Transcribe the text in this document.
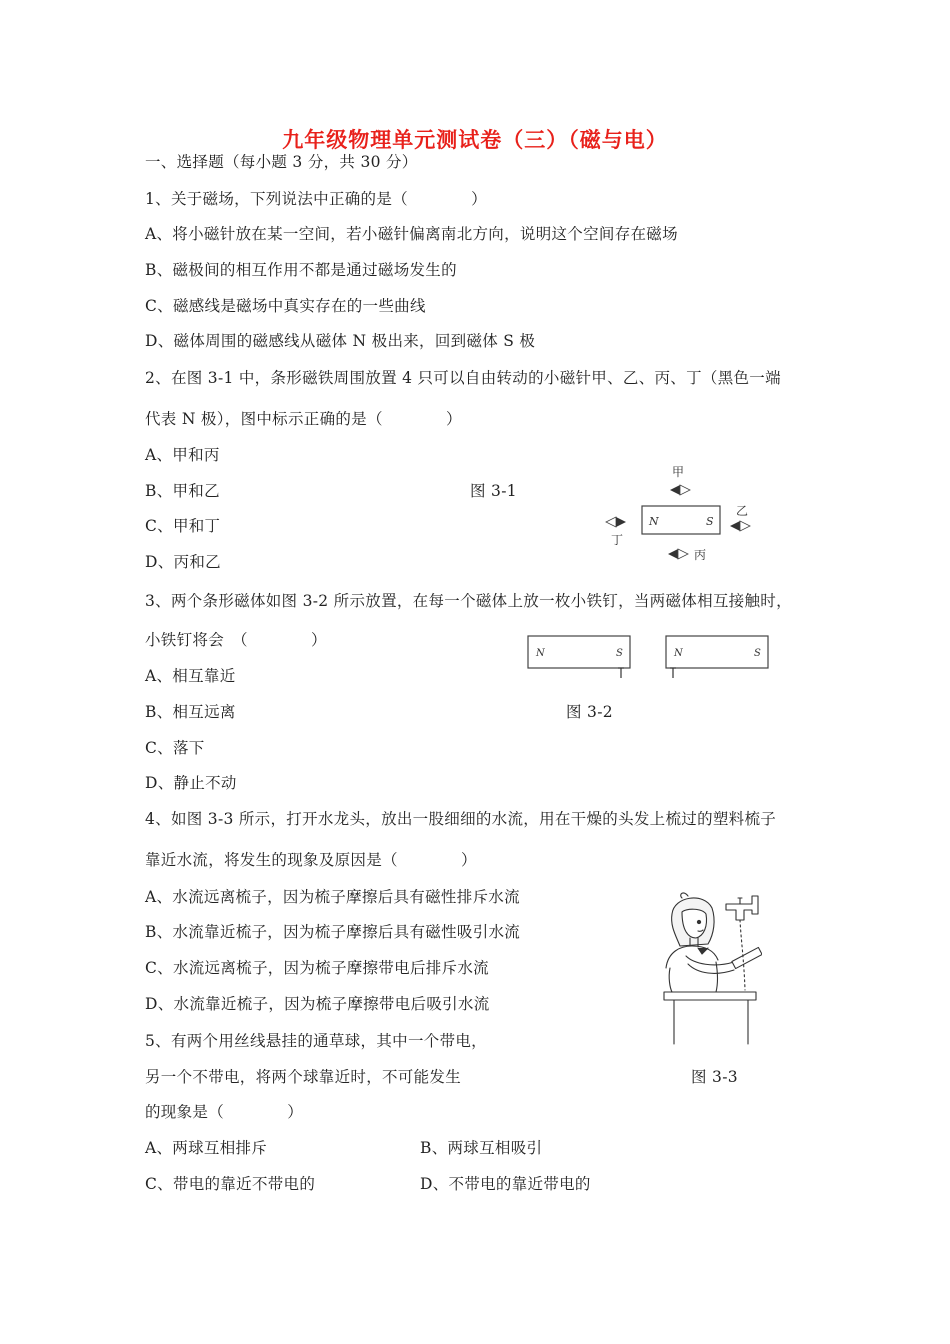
九年级物理单元测试卷（三）（磁与电）
一、选择题（每小题 3 分，共 30 分）
1、关于磁场，下列说法中正确的是（　　　　）
A、将小磁针放在某一空间，若小磁针偏离南北方向，说明这个空间存在磁场
B、磁极间的相互作用不都是通过磁场发生的
C、磁感线是磁场中真实存在的一些曲线
D、磁体周围的磁感线从磁体 N 极出来，回到磁体 S 极
2、在图 3-1 中，条形磁铁周围放置 4 只可以自由转动的小磁针甲、乙、丙、丁（黑色一端
代表 N 极），图中标示正确的是（　　　　）
A、甲和丙
B、甲和乙
C、甲和丁
D、丙和乙
图 3-1
N	S
甲
乙
丁
丙
3、两个条形磁体如图 3-2 所示放置，在每一个磁体上放一枚小铁钉，当两磁体相互接触时，
小铁钉将会　（　　　　）
A、相互靠近
B、相互远离
C、落下
D、静止不动
图 3-2
N	S	N	S
4、如图 3-3 所示，打开水龙头，放出一股细细的水流，用在干燥的头发上梳过的塑料梳子
靠近水流，将发生的现象及原因是（　　　　）
A、水流远离梳子，因为梳子摩擦后具有磁性排斥水流
B、水流靠近梳子，因为梳子摩擦后具有磁性吸引水流
C、水流远离梳子，因为梳子摩擦带电后排斥水流
D、水流靠近梳子，因为梳子摩擦带电后吸引水流
图 3-3
5、有两个用丝线悬挂的通草球，其中一个带电，
另一个不带电，将两个球靠近时，不可能发生
的现象是（　　　　）
A、两球互相排斥	B、两球互相吸引
C、带电的靠近不带电的	D、不带电的靠近带电的
